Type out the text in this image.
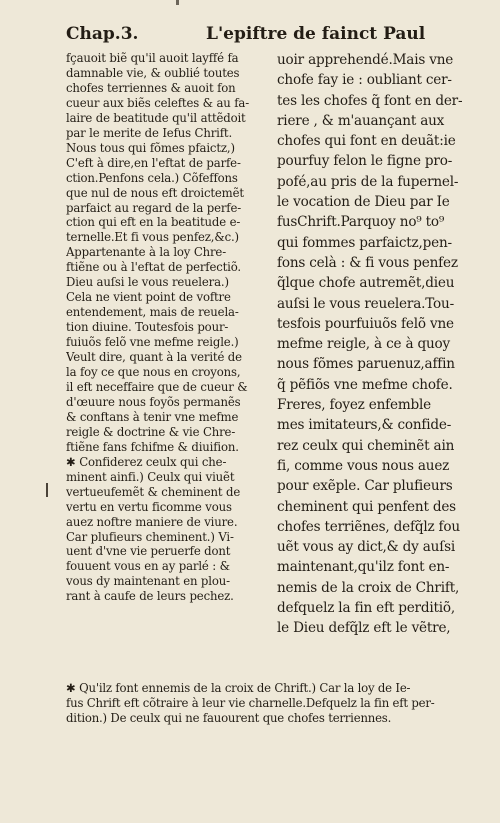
Chap.3.	L'epiftre de fainct Paul
fçauoit biẽ qu'il auoit layffé fa
damnable vie, & oublié toutes
chofes terriennes & auoit fon
cueur aux biẽs celeftes & au fa-
laire de beatitude qu'il attẽdoit
par le merite de Iefus Chrift.
Nous tous qui fõmes pfaictz,)
C'eft à dire,en l'eftat de parfe-
ction.Penfons cela.) Cõfeffons
que nul de nous eft droictemẽt
parfaict au regard de la perfe-
ction qui eft en la beatitude e-
ternelle.Et fi vous penfez,&c.)
Appartenante à la loy Chre-
ftiẽne ou à l'eftat de perfectiõ.
Dieu auſsi le vous reuelera.)
Cela ne vient point de voftre
entendement, mais de reuela-
tion diuine. Toutesfois pour-
fuiuõs felõ vne mefme reigle.)
Veult dire, quant à la verité de
la foy ce que nous en croyons,
il eft neceffaire que de cueur &
d'œuure nous foyõs permanẽs
& conftans à tenir vne mefme
reigle & doctrine & vie Chre-
ftiẽne fans fchifme & diuifion.
✱ Confiderez ceulx qui che-
minent ainfi.) Ceulx qui viuẽt
vertueufemẽt & cheminent de
vertu en vertu ficomme vous
auez noftre maniere de viure.
Car plufieurs cheminent.) Vi-
uent d'vne vie peruerfe dont
fouuent vous en ay parlé : &
vous dy maintenant en plou-
rant à caufe de leurs pechez.
uoir apprehendé.Mais vne
chofe fay ie : oubliant cer-
tes les chofes q̃ font en der-
riere , & m'auançant aux
chofes qui font en deuãt:ie
pourfuy felon le figne pro-
pofé,au pris de la fupernel-
le vocation de Dieu par Ie
fusChrift.Parquoy no⁹ to⁹
qui fommes parfaictz,pen-
fons celà : & fi vous penfez
q̃lque chofe autremẽt,dieu
auſsi le vous reuelera.Tou-
tesfois pourfuiuõs felõ vne
mefme reigle, à ce à quoy
nous fõmes paruenuz,affin
q̃ pẽfiõs vne mefme chofe.
Freres, foyez enfemble
mes imitateurs,& confide-
rez ceulx qui cheminẽt ain
fi, comme vous nous auez
pour exẽple. Car plufieurs
cheminent qui penfent des
chofes terriẽnes, defq̃lz fou
uẽt vous ay dict,& dy auſsi
maintenant,qu'ilz font en-
nemis de la croix de Chrift,
defquelz la fin eft perditiõ,
le Dieu defq̃lz eft le vẽtre,
✱ Qu'ilz font ennemis de la croix de Chrift.) Car la loy de Ie-
fus Chrift eft cõtraire à leur vie charnelle.Defquelz la fin eft per-
dition.) De ceulx qui ne fauourent que chofes terriennes.
